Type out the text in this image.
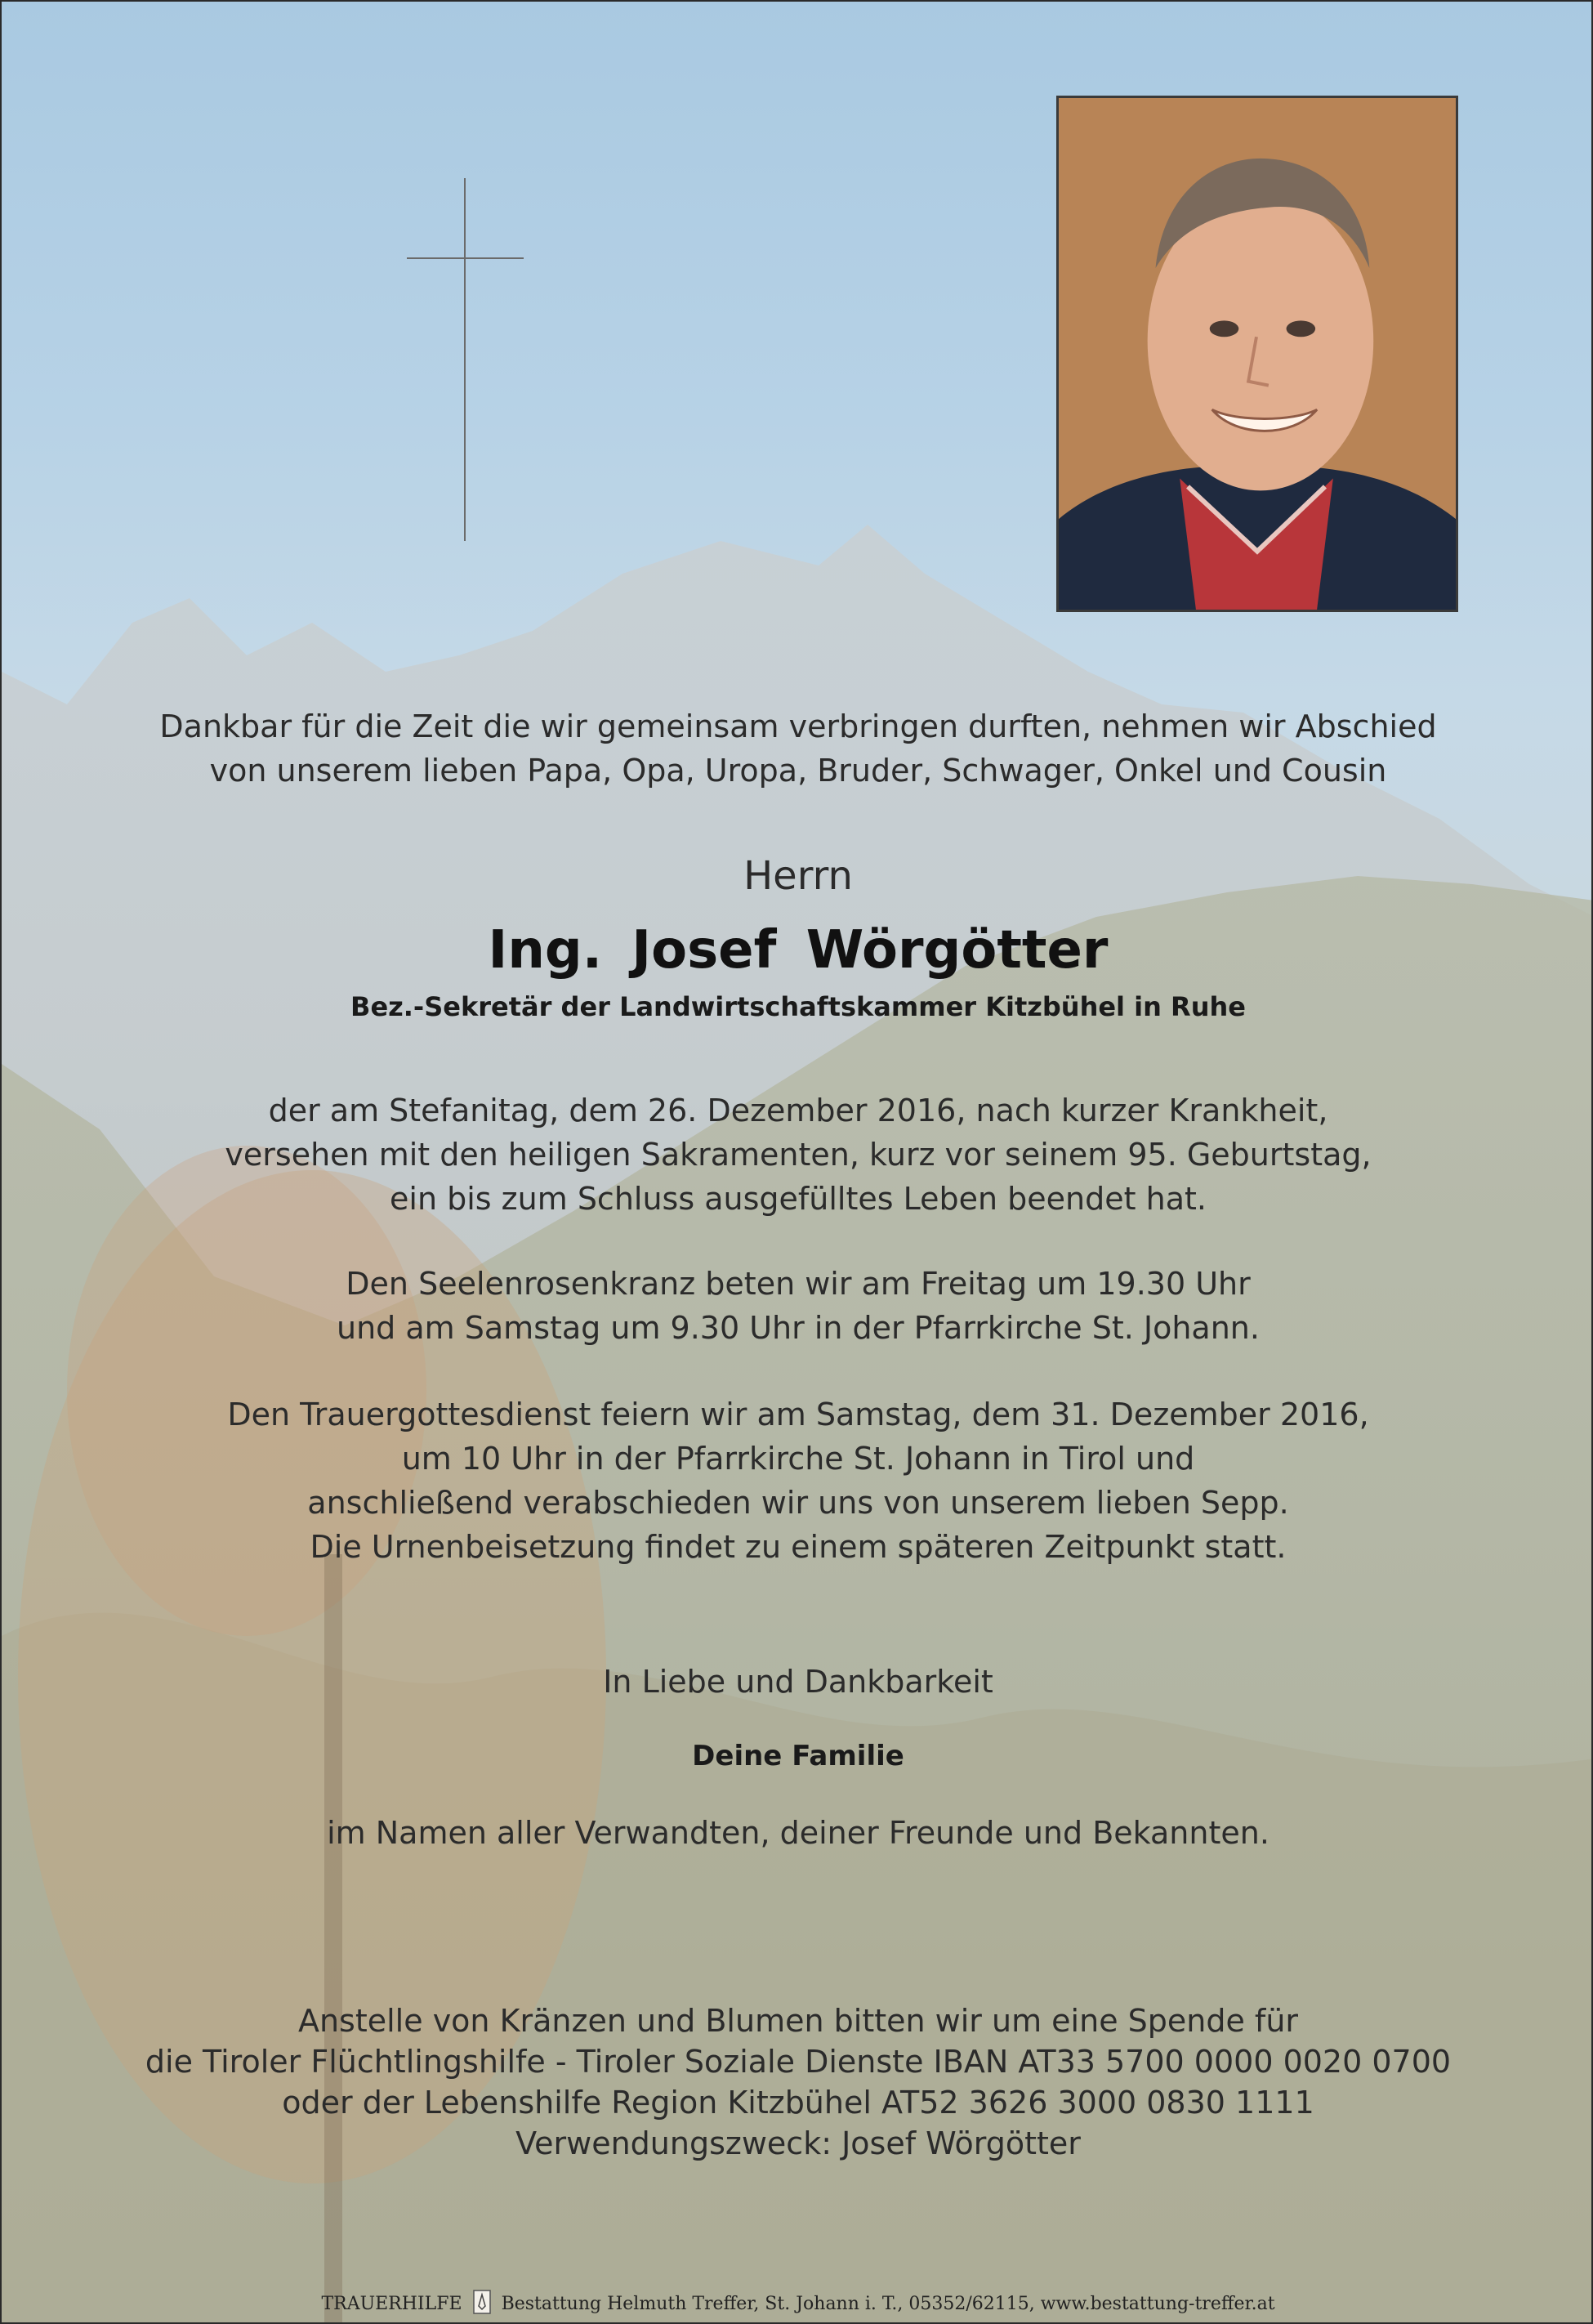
Dankbar für die Zeit die wir gemeinsam verbringen durften, nehmen wir Abschied
von unserem lieben Papa, Opa, Uropa, Bruder, Schwager, Onkel und Cousin
Herrn
Ing. Josef Wörgötter
Bez.-Sekretär der Landwirtschaftskammer Kitzbühel in Ruhe
der am Stefanitag, dem 26. Dezember 2016, nach kurzer Krankheit,
versehen mit den heiligen Sakramenten, kurz vor seinem 95. Geburtstag,
ein bis zum Schluss ausgefülltes Leben beendet hat.
Den Seelenrosenkranz beten wir am Freitag um 19.30 Uhr
und am Samstag um 9.30 Uhr in der Pfarrkirche St. Johann.
Den Trauergottesdienst feiern wir am Samstag, dem 31. Dezember 2016,
um 10 Uhr in der Pfarrkirche St. Johann in Tirol und
anschließend verabschieden wir uns von unserem lieben Sepp.
Die Urnenbeisetzung findet zu einem späteren Zeitpunkt statt.
In Liebe und Dankbarkeit
Deine Familie
im Namen aller Verwandten, deiner Freunde und Bekannten.
Anstelle von Kränzen und Blumen bitten wir um eine Spende für
die Tiroler Flüchtlingshilfe - Tiroler Soziale Dienste IBAN AT33 5700 0000 0020 0700
oder der Lebenshilfe Region Kitzbühel AT52 3626 3000 0830 1111
Verwendungszweck: Josef Wörgötter
TRAUERHILFE Bestattung Helmuth Treffer, St. Johann i. T., 05352/62115, www.bestattung-treffer.at
